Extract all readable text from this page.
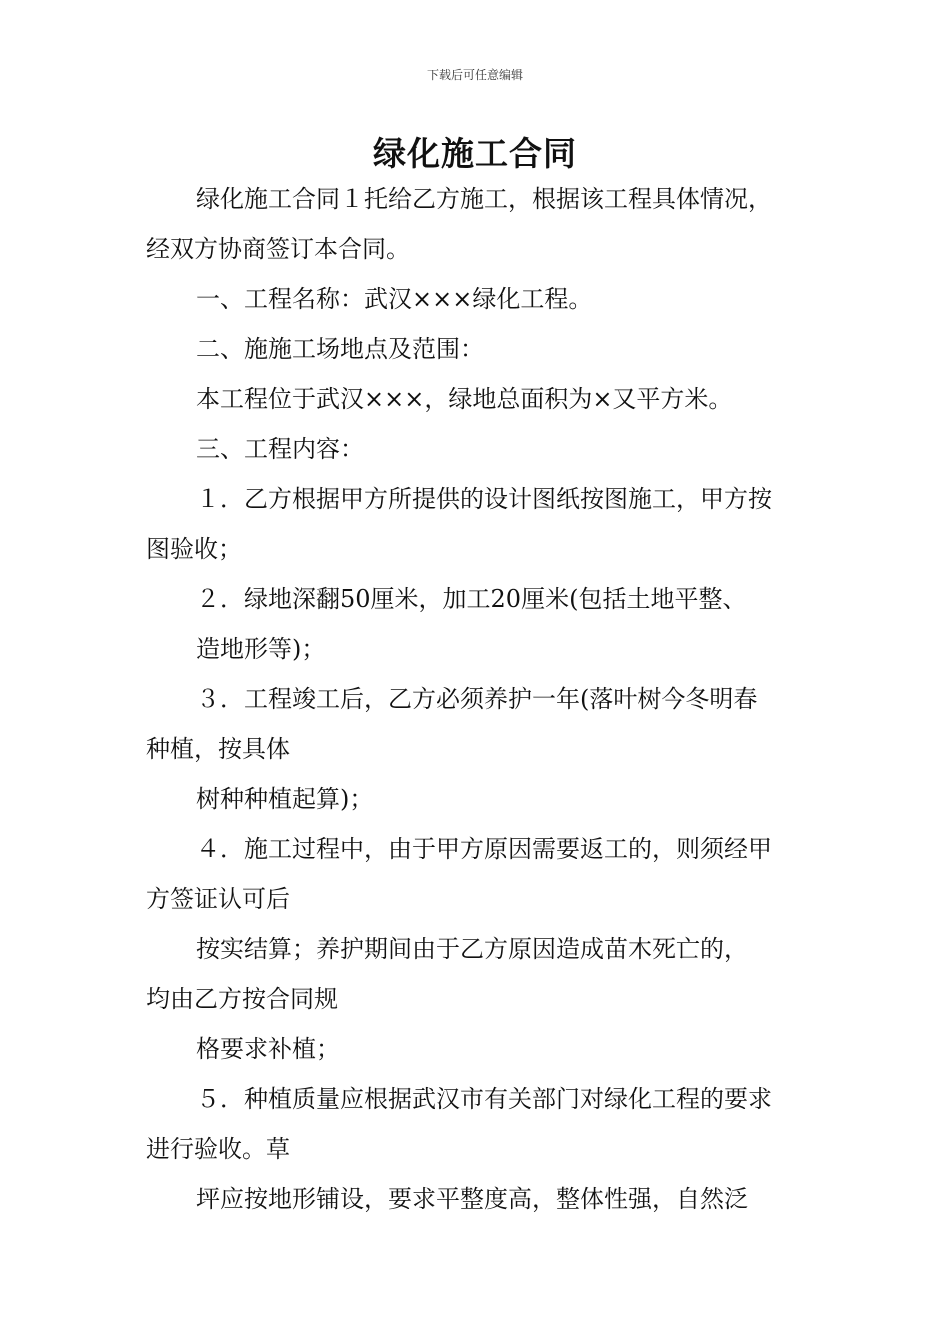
下载后可任意编辑
绿化施工合同
绿化施工合同１托给乙方施工，根据该工程具体情况，
经双方协商签订本合同。
一、工程名称：武汉×××绿化工程。
二、施施工场地点及范围：
本工程位于武汉×××，绿地总面积为×又平方米。
三、工程内容：
１．乙方根据甲方所提供的设计图纸按图施工，甲方按
图验收；
２．绿地深翻50厘米，加工20厘米(包括土地平整、
造地形等)；
３．工程竣工后，乙方必须养护一年(落叶树今冬明春
种植，按具体
树种种植起算)；
４．施工过程中，由于甲方原因需要返工的，则须经甲
方签证认可后
按实结算；养护期间由于乙方原因造成苗木死亡的，
均由乙方按合同规
格要求补植；
５．种植质量应根据武汉市有关部门对绿化工程的要求
进行验收。草
坪应按地形铺设，要求平整度高，整体性强，自然泛
